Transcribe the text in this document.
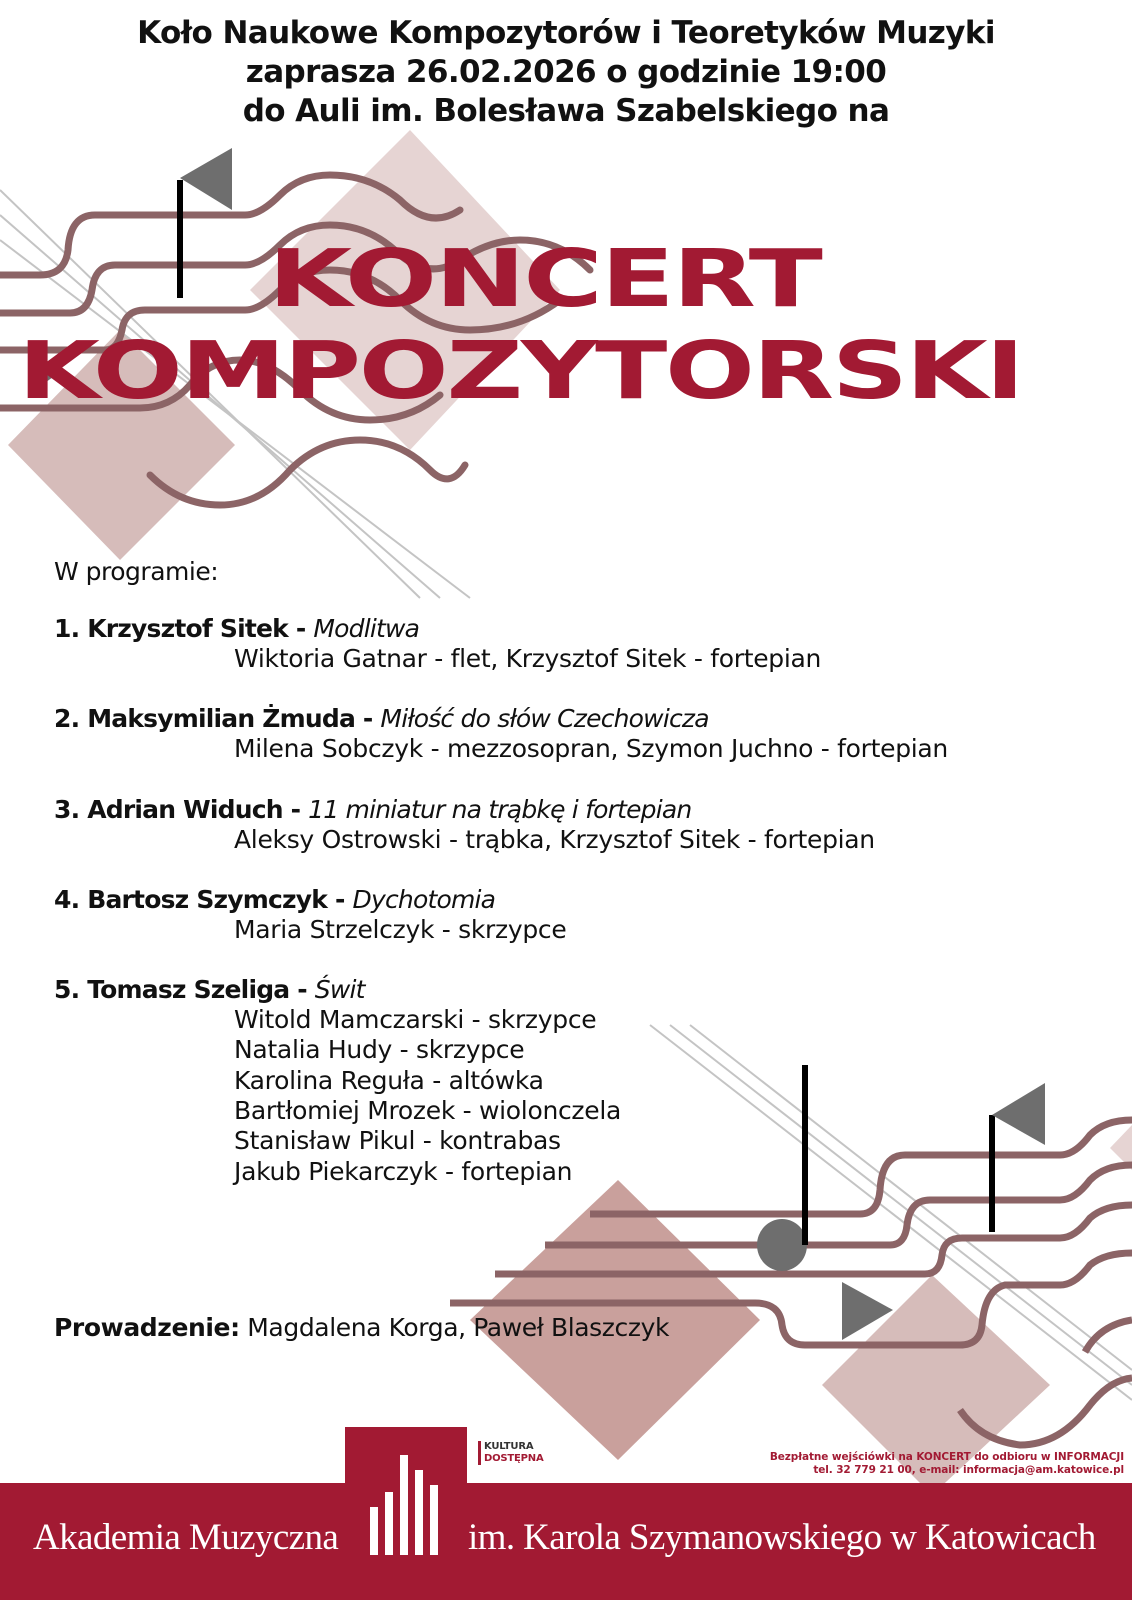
Koło Naukowe Kompozytorów i Teoretyków Muzyki
zaprasza 26.02.2026 o godzinie 19:00
do Auli im. Bolesława Szabelskiego na
KONCERT
KOMPOZYTORSKI
W programie:
1. Krzysztof Sitek - Modlitwa
Wiktoria Gatnar - flet, Krzysztof Sitek - fortepian
2. Maksymilian Żmuda - Miłość do słów Czechowicza
Milena Sobczyk - mezzosopran, Szymon Juchno - fortepian
3. Adrian Widuch - 11 miniatur na trąbkę i fortepian
Aleksy Ostrowski - trąbka, Krzysztof Sitek - fortepian
4. Bartosz Szymczyk - Dychotomia
Maria Strzelczyk - skrzypce
5. Tomasz Szeliga - Świt
Witold Mamczarski - skrzypce
Natalia Hudy - skrzypce
Karolina Reguła - altówka
Bartłomiej Mrozek - wiolonczela
Stanisław Pikul - kontrabas
Jakub Piekarczyk - fortepian
Prowadzenie: Magdalena Korga, Paweł Blaszczyk
KULTURA
DOSTĘPNA	Bezpłatne wejściówki na KONCERT do odbioru w INFORMACJI
tel. 32 779 21 00, e-mail: informacja@am.katowice.pl
Akademia Muzyczna	im. Karola Szymanowskiego w Katowicach
